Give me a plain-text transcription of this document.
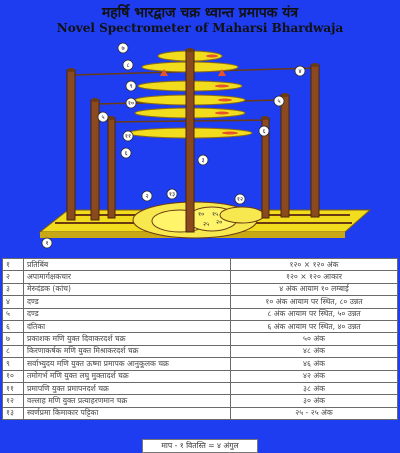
महर्षि भारद्वाज चक्र ध्वान्त प्रमापक यंत्र
Novel Spectrometer of Maharsi Bhardwaja
१० १५
२०
२५
७
८
४
९
५
१०
५
११
६
६
३
२	१३
१२
१
१	प्रतिबिंब	१२० × १२० अंक
२	अपामार्गक्षकचार	१२० × १२० आकार
३	मेरुदंडक (कांच)	४ अंक आयाम १० लम्बाई
४	दण्ड	१० अंक आयाम पर स्थित, ८० उन्नत
५	दण्ड	८ अंक आयाम पर स्थित, ५० उन्नत
६	दंतिका	६ अंक आयाम पर स्थित, ४० उन्नत
७	प्रकाशक मणि युक्त दिवाकरदर्श चक्र	५० अंक
८	किरणाकर्षक मणि युक्त मिश्राकरदर्श चक्र	४८ अंक
९	सर्वाभ्युदय मणि युक्त ऊष्मा प्रमापक आनुकूलक चक्र	४६ अंक
१०	तमोगर्भ मणि युक्त लघु मुक्तादर्श चक्र	४२ अंक
११	प्रमापणि युक्त प्रमापनदर्श चक्र	३८ अंक
१२	वल्लाह मणि युक्त प्रत्याहरणमान चक्र	३० अंक
१३	स्वर्णप्रमा किमाकार पट्टिका	२५ - २५ अंक
माप - १ वितस्ति = ४ अंगुल
